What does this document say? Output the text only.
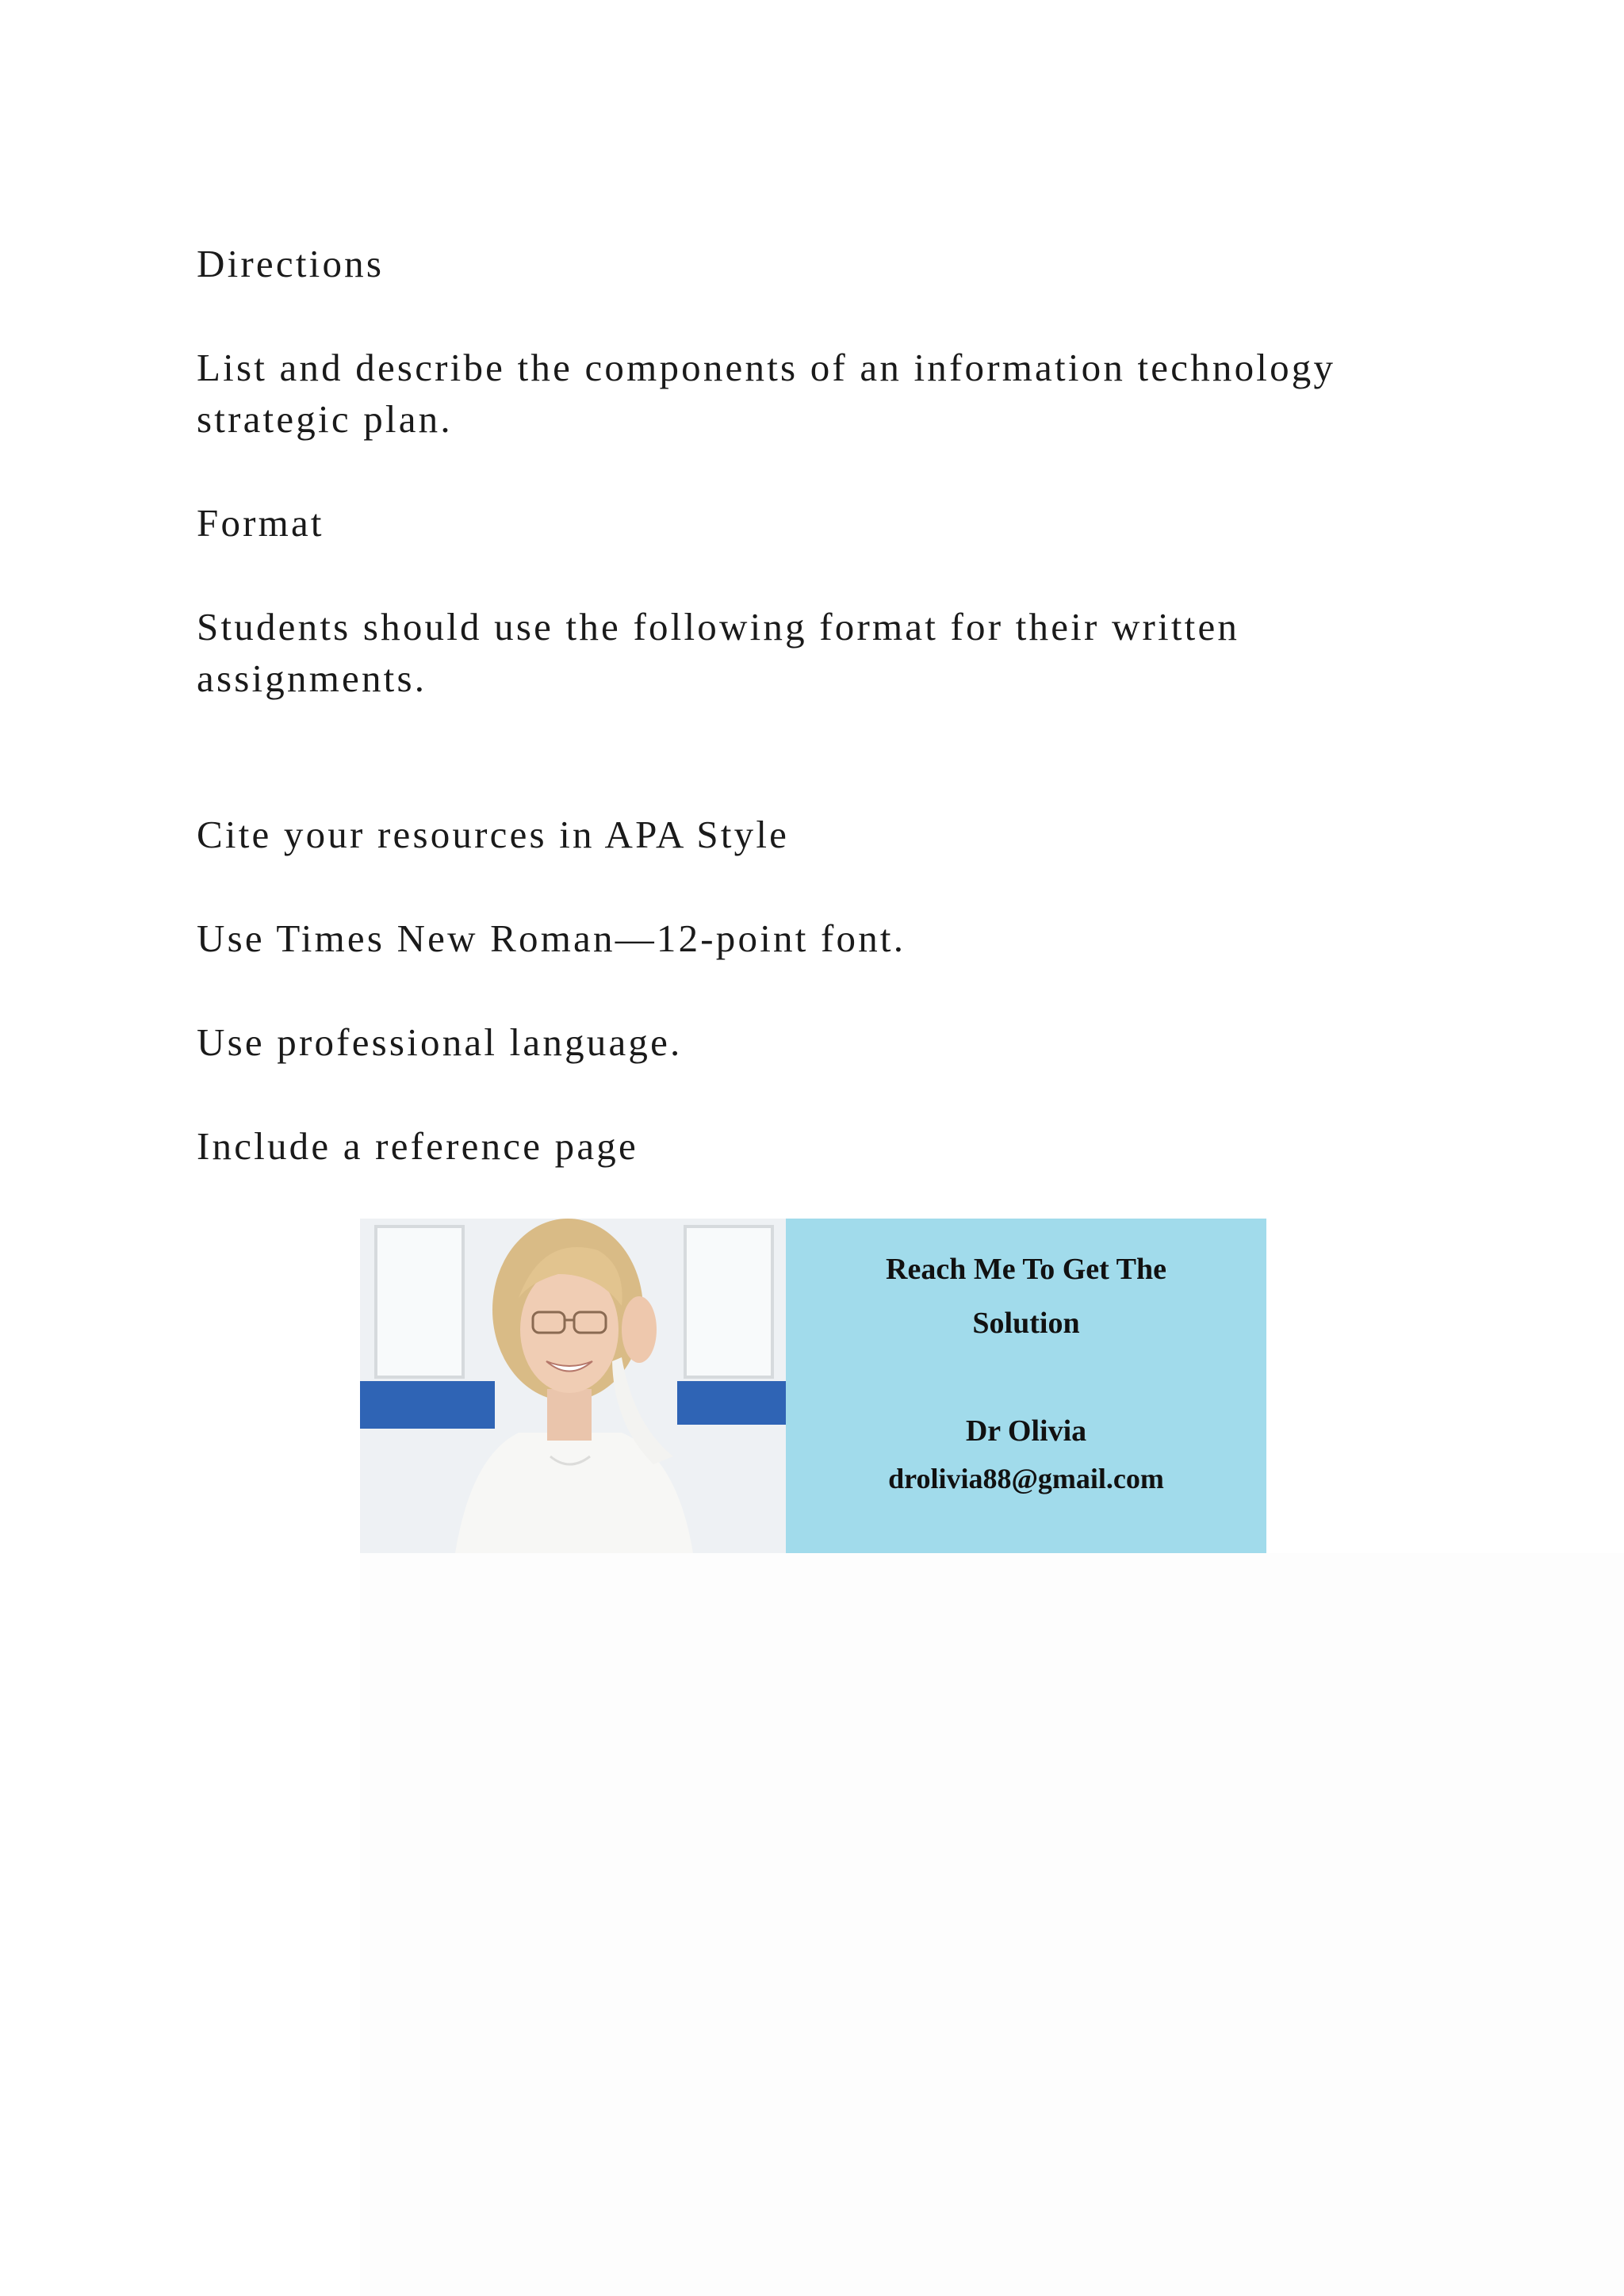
Directions

List and describe the components of an information technology strategic plan.

Format

Students should use the following format for their written assignments.

Cite your resources in APA Style

Use Times New Roman—12-point font.

Use professional language.

Include a reference page

Reach Me To Get The Solution
Dr Olivia
drolivia88@gmail.com
